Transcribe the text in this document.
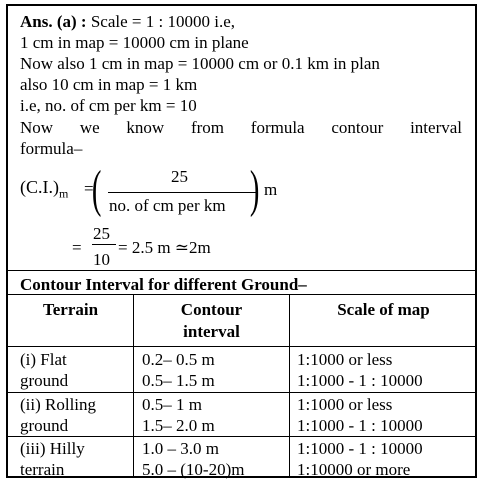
Ans. (a) : Scale = 1 : 10000 i.e,
1 cm in map = 10000 cm in plane
Now also 1 cm in map = 10000 cm or 0.1 km in plan
also 10 cm in map = 1 km
i.e, no. of cm per km = 10
Now we know from formula contour interval
formula–
$(C.I.)_m$ =
(	25
no. of cm per km ) m
=
25
10
= 2.5 m ≃2m
Contour Interval for different Ground–
Terrain	Contour
interval
Scale of map
(i) Flat
ground
0.2– 0.5 m
0.5– 1.5 m
1:1000 or less
1:1000 - 1 : 10000
(ii) Rolling
ground
0.5– 1 m
1.5– 2.0 m
1:1000 or less
1:1000 - 1 : 10000
(iii) Hilly
terrain
1.0 – 3.0 m
5.0 – (10-20)m
1:1000 - 1 : 10000
1:10000 or more
